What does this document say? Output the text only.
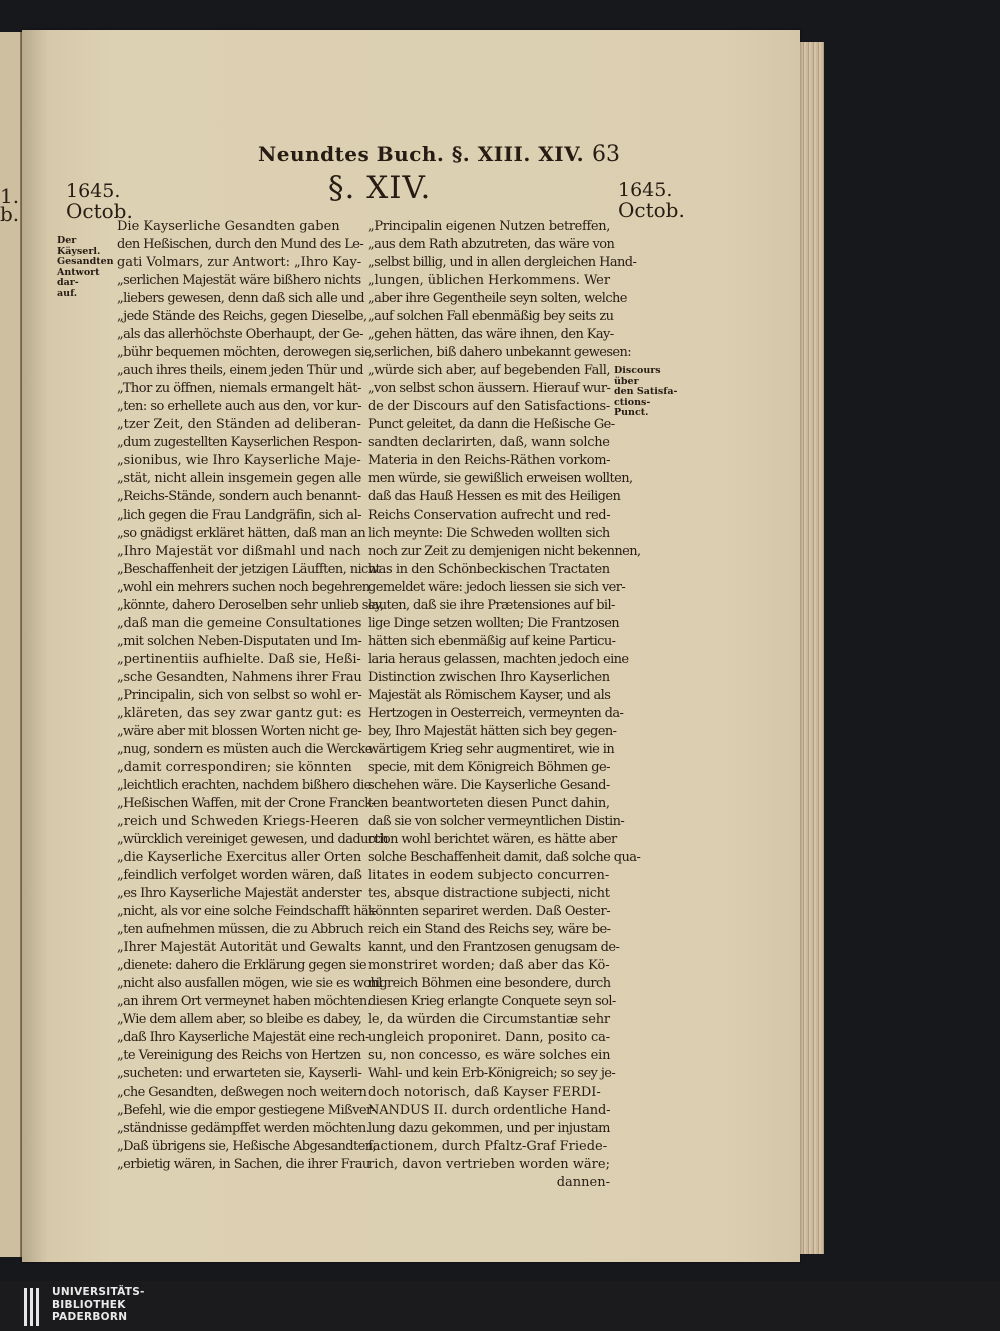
1.
b.
Neundtes Buch. §. XIII. XIV. 63
§. XIV.
1645.
Octob.
1645.
Octob.
Der Käyserl.
Gesandten
Antwort dar-
auf.
Discours über
den Satisfa-
ctions-Punct.
Die Kayserliche Gesandten gaben
den Heßischen, durch den Mund des Le-
gati Volmars, zur Antwort: „Ihro Kay-
„serlichen Majestät wäre bißhero nichts
„liebers gewesen, denn daß sich alle und
„jede Stände des Reichs, gegen Dieselbe,
„als das allerhöchste Oberhaupt, der Ge-
„bühr bequemen möchten, derowegen sie
„auch ihres theils, einem jeden Thür und
„Thor zu öffnen, niemals ermangelt hät-
„ten: so erhellete auch aus den, vor kur-
„tzer Zeit, den Ständen ad deliberan-
„dum zugestellten Kayserlichen Respon-
„sionibus, wie Ihro Kayserliche Maje-
„stät, nicht allein insgemein gegen alle
„Reichs-Stände, sondern auch benannt-
„lich gegen die Frau Landgräfin, sich al-
„so gnädigst erkläret hätten, daß man an
„Ihro Majestät vor dißmahl und nach
„Beschaffenheit der jetzigen Läufften, nicht
„wohl ein mehrers suchen noch begehren
„könnte, dahero Deroselben sehr unlieb sey,
„daß man die gemeine Consultationes
„mit solchen Neben-Disputaten und Im-
„pertinentiis aufhielte. Daß sie, Heßi-
„sche Gesandten, Nahmens ihrer Frau
„Principalin, sich von selbst so wohl er-
„kläreten, das sey zwar gantz gut: es
„wäre aber mit blossen Worten nicht ge-
„nug, sondern es müsten auch die Wercke
„damit correspondiren; sie könnten
„leichtlich erachten, nachdem bißhero die
„Heßischen Waffen, mit der Crone Franck-
„reich und Schweden Kriegs-Heeren
„würcklich vereiniget gewesen, und dadurch
„die Kayserliche Exercitus aller Orten
„feindlich verfolget worden wären, daß
„es Ihro Kayserliche Majestät anderster
„nicht, als vor eine solche Feindschafft hät-
„ten aufnehmen müssen, die zu Abbruch
„Ihrer Majestät Autorität und Gewalts
„dienete: dahero die Erklärung gegen sie
„nicht also ausfallen mögen, wie sie es wohl
„an ihrem Ort vermeynet haben möchten.
„Wie dem allem aber, so bleibe es dabey,
„daß Ihro Kayserliche Majestät eine rech-
„te Vereinigung des Reichs von Hertzen
„sucheten: und erwarteten sie, Kayserli-
„che Gesandten, deßwegen noch weitern
„Befehl, wie die empor gestiegene Mißver-
„ständnisse gedämpffet werden möchten.
„Daß übrigens sie, Heßische Abgesandten,
„erbietig wären, in Sachen, die ihrer Frau
„Principalin eigenen Nutzen betreffen,
„aus dem Rath abzutreten, das wäre von
„selbst billig, und in allen dergleichen Hand-
„lungen, üblichen Herkommens. Wer
„aber ihre Gegentheile seyn solten, welche
„auf solchen Fall ebenmäßig bey seits zu
„gehen hätten, das wäre ihnen, den Kay-
„serlichen, biß dahero unbekannt gewesen:
„würde sich aber, auf begebenden Fall,
„von selbst schon äussern. Hierauf wur-
de der Discours auf den Satisfactions-
Punct geleitet, da dann die Heßische Ge-
sandten declarirten, daß, wann solche
Materia in den Reichs-Räthen vorkom-
men würde, sie gewißlich erweisen wollten,
daß das Hauß Hessen es mit des Heiligen
Reichs Conservation aufrecht und red-
lich meynte: Die Schweden wollten sich
noch zur Zeit zu demjenigen nicht bekennen,
was in den Schönbeckischen Tractaten
gemeldet wäre: jedoch liessen sie sich ver-
lauten, daß sie ihre Prætensiones auf bil-
lige Dinge setzen wollten; Die Frantzosen
hätten sich ebenmäßig auf keine Particu-
laria heraus gelassen, machten jedoch eine
Distinction zwischen Ihro Kayserlichen
Majestät als Römischem Kayser, und als
Hertzogen in Oesterreich, vermeynten da-
bey, Ihro Majestät hätten sich bey gegen-
wärtigem Krieg sehr augmentiret, wie in
specie, mit dem Königreich Böhmen ge-
schehen wäre. Die Kayserliche Gesand-
ten beantworteten diesen Punct dahin,
daß sie von solcher vermeyntlichen Distin-
ction wohl berichtet wären, es hätte aber
solche Beschaffenheit damit, daß solche qua-
litates in eodem subjecto concurren-
tes, absque distractione subjecti, nicht
könnten separiret werden. Daß Oester-
reich ein Stand des Reichs sey, wäre be-
kannt, und den Frantzosen genugsam de-
monstriret worden; daß aber das Kö-
nigreich Böhmen eine besondere, durch
diesen Krieg erlangte Conquete seyn sol-
le, da würden die Circumstantiæ sehr
ungleich proponiret. Dann, posito ca-
su, non concesso, es wäre solches ein
Wahl- und kein Erb-Königreich; so sey je-
doch notorisch, daß Kayser FERDI-
NANDUS II. durch ordentliche Hand-
lung dazu gekommen, und per injustam
factionem, durch Pfaltz-Graf Friede-
rich, davon vertrieben worden wäre;
dannen-
UNIVERSITÄTS-
BIBLIOTHEK
PADERBORN
